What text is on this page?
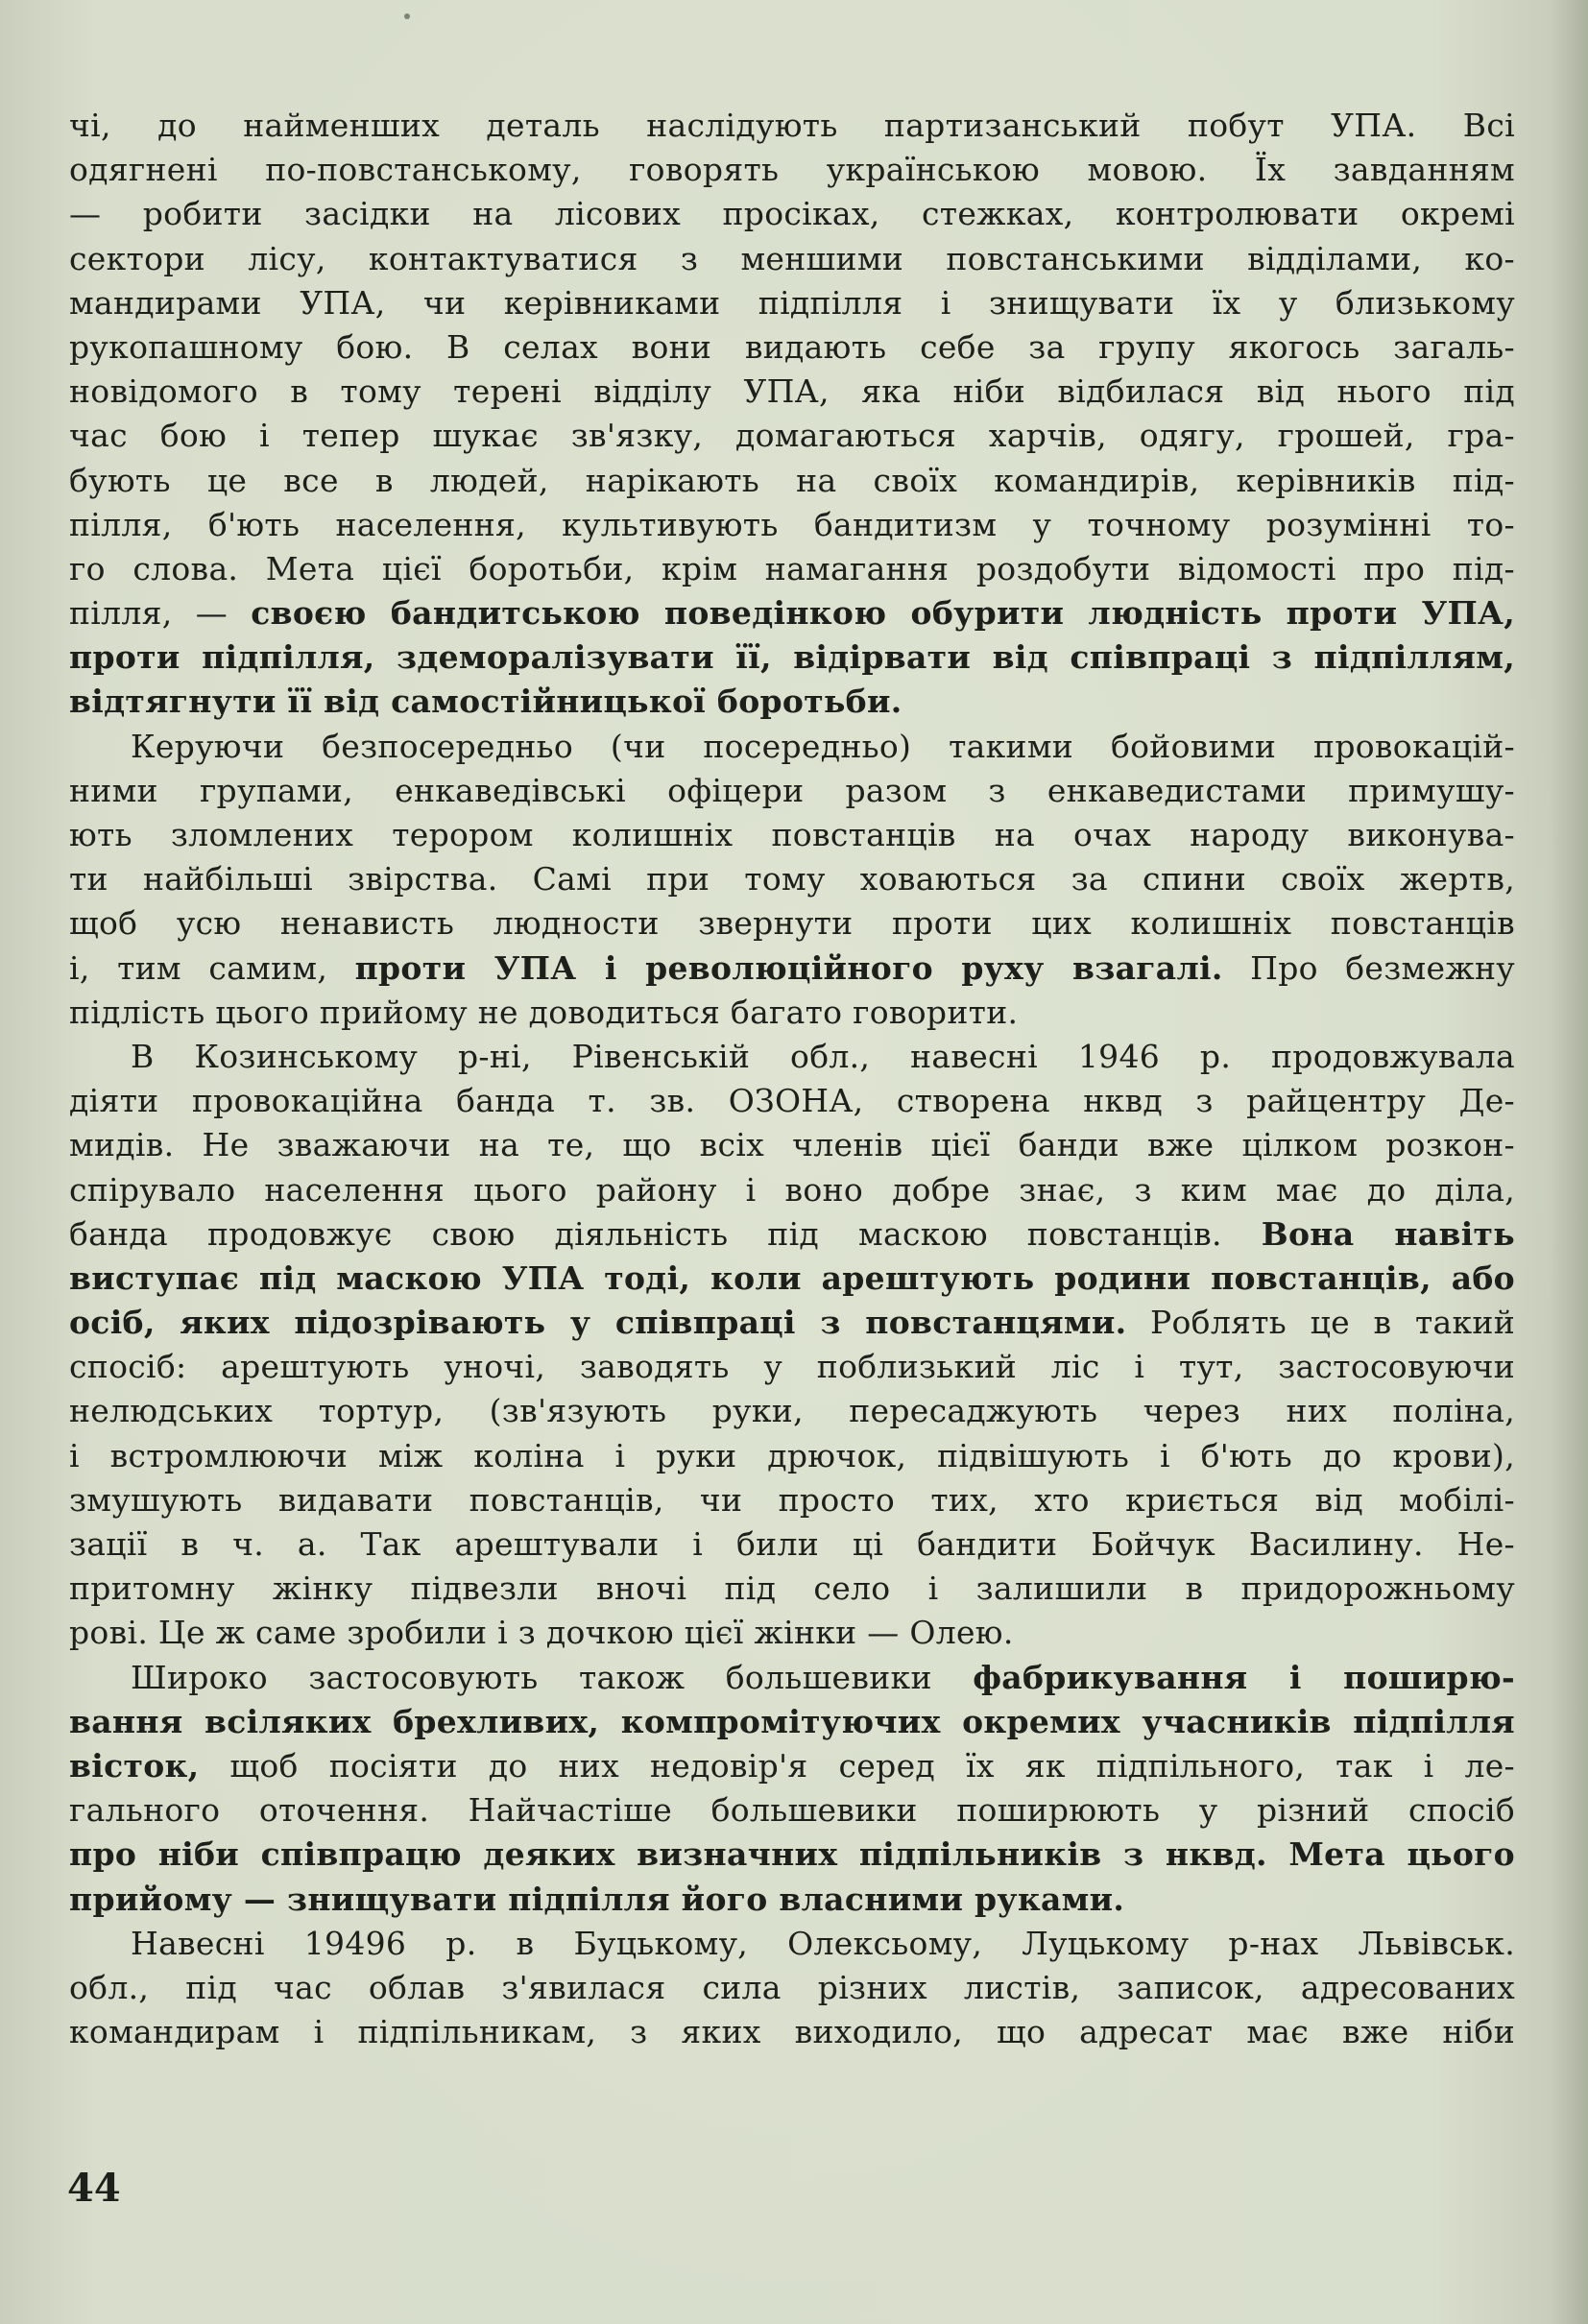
чі, до найменших деталь наслідують партизанський побут УПА. Всі
одягнені по-повстанському, говорять українською мовою. Їх завданням
— робити засідки на лісових просіках, стежках, контролювати окремі
сектори лісу, контактуватися з меншими повстанськими відділами, ко-
мандирами УПА, чи керівниками підпілля і знищувати їх у близькому
рукопашному бою. В селах вони видають себе за групу якогось загаль-
новідомого в тому терені відділу УПА, яка ніби відбилася від нього під
час бою і тепер шукає зв'язку, домагаються харчів, одягу, грошей, гра-
бують це все в людей, нарікають на своїх командирів, керівників під-
пілля, б'ють населення, культивують бандитизм у точному розумінні то-
го слова. Мета цієї боротьби, крім намагання роздобути відомості про під-
пілля, — своєю бандитською поведінкою обурити людність проти УПА,
проти підпілля, здеморалізувати її, відірвати від співпраці з підпіллям,
відтягнути її від самостійницької боротьби.
Керуючи безпосередньо (чи посередньо) такими бойовими провокацій-
ними групами, енкаведівські офіцери разом з енкаведистами примушу-
ють зломлених терором колишніх повстанців на очах народу виконува-
ти найбільші звірства. Самі при тому ховаються за спини своїх жертв,
щоб усю ненависть людности звернути проти цих колишніх повстанців
і, тим самим, проти УПА і революційного руху взагалі. Про безмежну
підлість цього прийому не доводиться багато говорити.
В Козинському р-ні, Рівенській обл., навесні 1946 р. продовжувала
діяти провокаційна банда т. зв. ОЗОНА, створена нквд з райцентру Де-
мидів. Не зважаючи на те, що всіх членів цієї банди вже цілком розкон-
спірувало населення цього району і воно добре знає, з ким має до діла,
банда продовжує свою діяльність під маскою повстанців. Вона навіть
виступає під маскою УПА тоді, коли арештують родини повстанців, або
осіб, яких підозрівають у співпраці з повстанцями. Роблять це в такий
спосіб: арештують уночі, заводять у поблизький ліс і тут, застосовуючи
нелюдських тортур, (зв'язують руки, пересаджують через них поліна,
і встромлюючи між коліна і руки дрючок, підвішують і б'ють до крови),
змушують видавати повстанців, чи просто тих, хто криється від мобілі-
зації в ч. а. Так арештували і били ці бандити Бойчук Василину. Не-
притомну жінку підвезли вночі під село і залишили в придорожньому
рові. Це ж саме зробили і з дочкою цієї жінки — Олею.
Широко застосовують також большевики фабрикування і поширю-
вання всіляких брехливих, компромітуючих окремих учасників підпілля
вісток, щоб посіяти до них недовір'я серед їх як підпільного, так і ле-
гального оточення. Найчастіше большевики поширюють у різний спосіб
про ніби співпрацю деяких визначних підпільників з нквд. Мета цього
прийому — знищувати підпілля його власними руками.
Навесні 19496 р. в Буцькому, Олексьому, Луцькому р-нах Львівськ.
обл., під час облав з'явилася сила різних листів, записок, адресованих
командирам і підпільникам, з яких виходило, що адресат має вже ніби
44
